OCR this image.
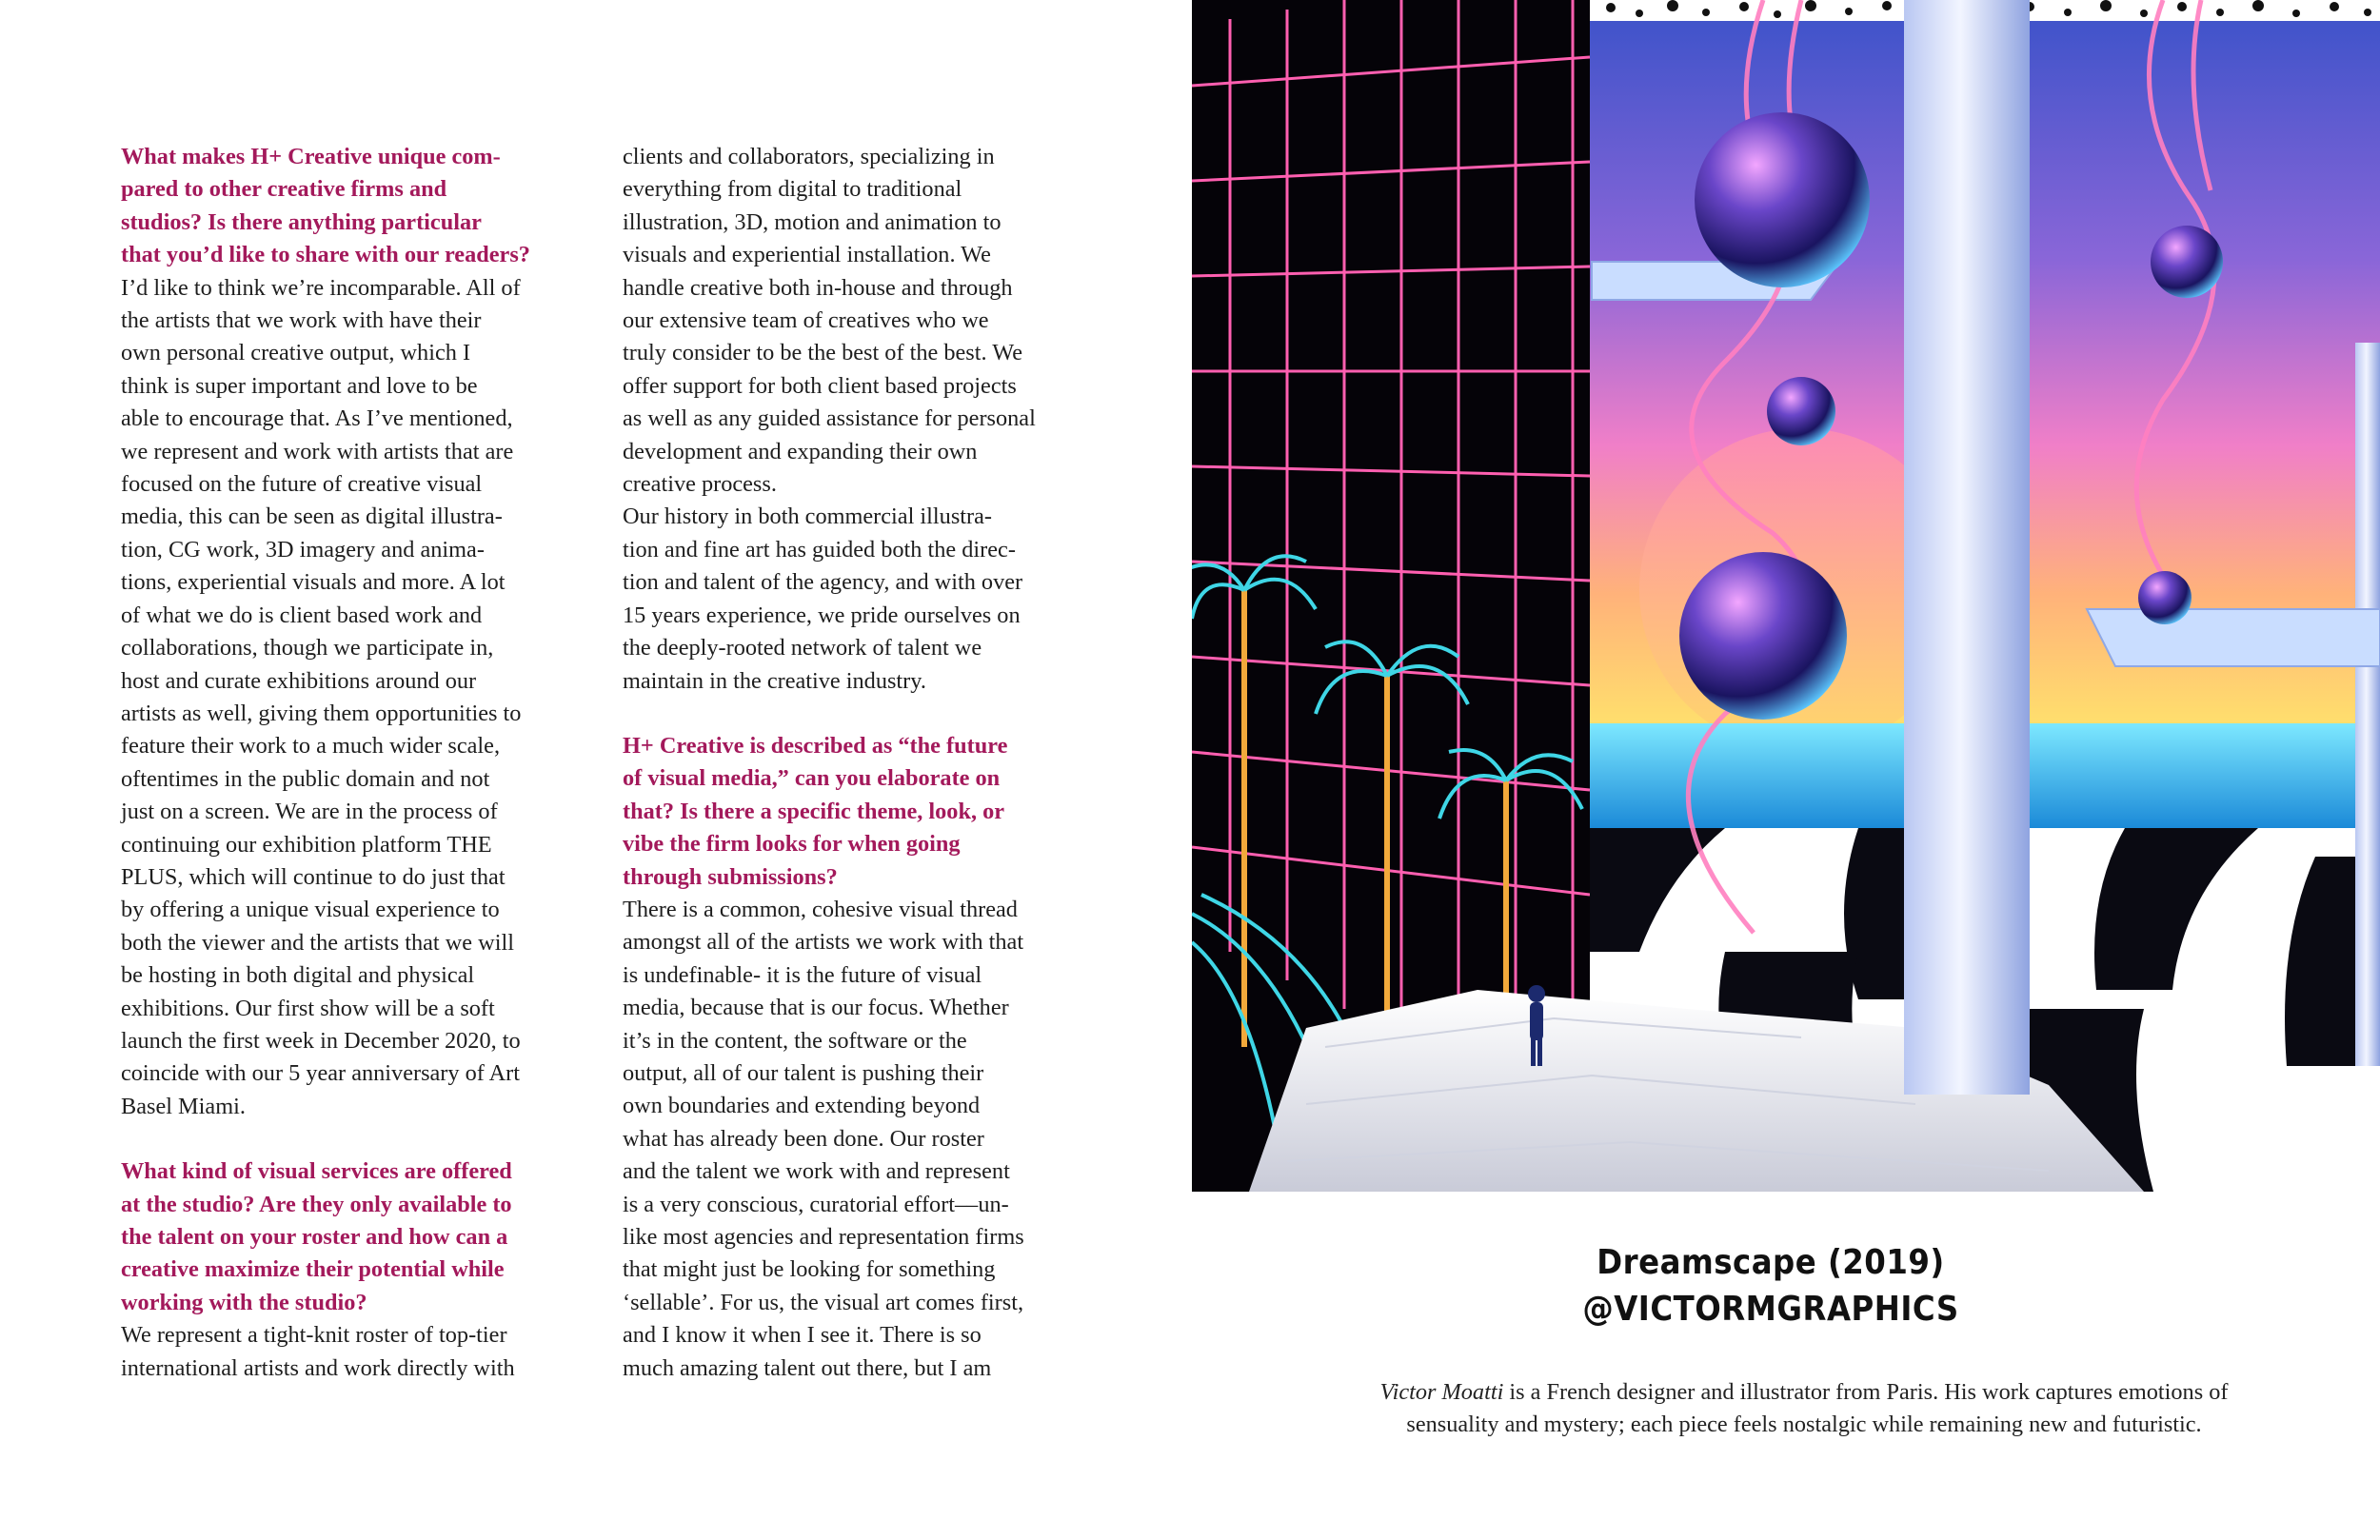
What makes H+ Creative unique com-
pared to other creative firms and
studios? Is there anything particular
that you’d like to share with our readers?
I’d like to think we’re incomparable. All of
the artists that we work with have their
own personal creative output, which I
think is super important and love to be
able to encourage that. As I’ve mentioned,
we represent and work with artists that are
focused on the future of creative visual
media, this can be seen as digital illustra-
tion, CG work, 3D imagery and anima-
tions, experiential visuals and more. A lot
of what we do is client based work and
collaborations, though we participate in,
host and curate exhibitions around our
artists as well, giving them opportunities to
feature their work to a much wider scale,
oftentimes in the public domain and not
just on a screen. We are in the process of
continuing our exhibition platform THE
PLUS, which will continue to do just that
by offering a unique visual experience to
both the viewer and the artists that we will
be hosting in both digital and physical
exhibitions. Our first show will be a soft
launch the first week in December 2020, to
coincide with our 5 year anniversary of Art
Basel Miami.
What kind of visual services are offered
at the studio? Are they only available to
the talent on your roster and how can a
creative maximize their potential while
working with the studio?
We represent a tight-knit roster of top-tier
international artists and work directly with
clients and collaborators, specializing in
everything from digital to traditional
illustration, 3D, motion and animation to
visuals and experiential installation. We
handle creative both in-house and through
our extensive team of creatives who we
truly consider to be the best of the best. We
offer support for both client based projects
as well as any guided assistance for personal
development and expanding their own
creative process.
Our history in both commercial illustra-
tion and fine art has guided both the direc-
tion and talent of the agency, and with over
15 years experience, we pride ourselves on
the deeply-rooted network of talent we
maintain in the creative industry.
H+ Creative is described as “the future
of visual media,” can you elaborate on
that? Is there a specific theme, look, or
vibe the firm looks for when going
through submissions?
There is a common, cohesive visual thread
amongst all of the artists we work with that
is undefinable- it is the future of visual
media, because that is our focus. Whether
it’s in the content, the software or the
output, all of our talent is pushing their
own boundaries and extending beyond
what has already been done. Our roster
and the talent we work with and represent
is a very conscious, curatorial effort––un-
like most agencies and representation firms
that might just be looking for something
‘sellable’. For us, the visual art comes first,
and I know it when I see it. There is so
much amazing talent out there, but I am
Dreamscape (2019)
@VICTORMGRAPHICS
Victor Moatti is a French designer and illustrator from Paris. His work captures emotions of
sensuality and mystery; each piece feels nostalgic while remaining new and futuristic.
